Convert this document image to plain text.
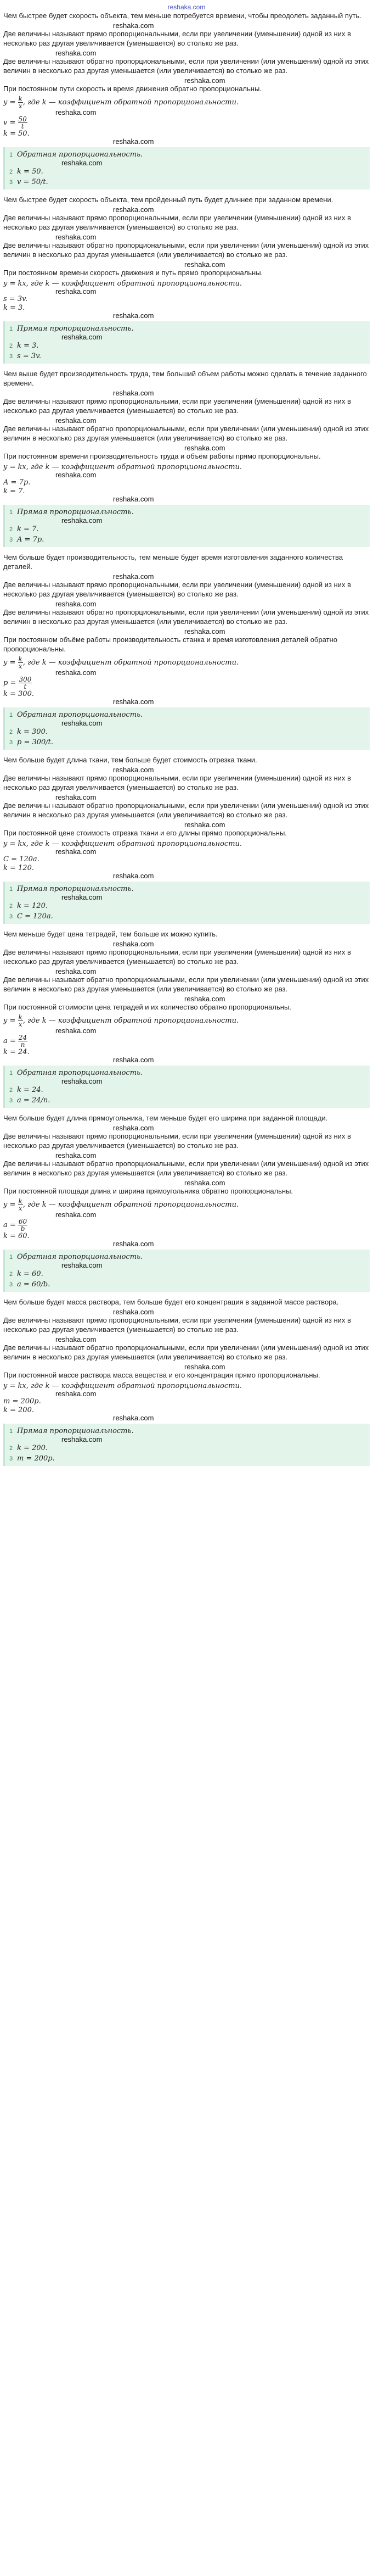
reshaka.com
Чем быстрее будет скорость объекта, тем меньше потребуется времени, чтобы преодолеть заданный путь.
reshaka.com
Две величины называют прямо пропорциональными, если при увеличении (уменьшении) одной из них в несколько раз другая увеличивается (уменьшается) во столько же раз.
reshaka.com
Две величины называют обратно пропорциональными, если при увеличении (или уменьшении) одной из этих величин в несколько раз другая уменьшается (или увеличивается) во столько же раз.
reshaka.com
При постоянном пути скорость и время движения обратно пропорциональны.
$y = \frac{k}{x}$ , где k — коэффициент обратной пропорциональности.
reshaka.com
$v = \frac{50}{t}$
k = 50.
reshaka.com
1 Обратная пропорциональность.
reshaka.com
2 k = 50.
3 v = 50/t.
Чем быстрее будет скорость объекта, тем пройденный путь будет длиннее при заданном времени.
reshaka.com
Две величины называют прямо пропорциональными, если при увеличении (уменьшении) одной из них в несколько раз другая увеличивается (уменьшается) во столько же раз.
reshaka.com
Две величины называют обратно пропорциональными, если при увеличении (или уменьшении) одной из этих величин в несколько раз другая уменьшается (или увеличивается) во столько же раз.
reshaka.com
При постоянном времени скорость движения и путь прямо пропорциональны.
y = kx, где k — коэффициент обратной пропорциональности.
reshaka.com
s = 3v.
k = 3.
reshaka.com
1 Прямая пропорциональность.
reshaka.com
2 k = 3.
3 s = 3v.
Чем выше будет производительность труда, тем больший объем работы можно сделать в течение заданного времени.
reshaka.com
Две величины называют прямо пропорциональными, если при увеличении (уменьшении) одной из них в несколько раз другая увеличивается (уменьшается) во столько же раз.
reshaka.com
Две величины называют обратно пропорциональными, если при увеличении (или уменьшении) одной из этих величин в несколько раз другая уменьшается (или увеличивается) во столько же раз.
reshaka.com
При постоянном времени производительность труда и объём работы прямо пропорциональны.
y = kx, где k — коэффициент обратной пропорциональности.
reshaka.com
A = 7p.
k = 7.
reshaka.com
1 Прямая пропорциональность.
reshaka.com
2 k = 7.
3 A = 7p.
Чем больше будет производительность, тем меньше будет время изготовления заданного количества деталей.
reshaka.com
Две величины называют прямо пропорциональными, если при увеличении (уменьшении) одной из них в несколько раз другая увеличивается (уменьшается) во столько же раз.
reshaka.com
Две величины называют обратно пропорциональными, если при увеличении (или уменьшении) одной из этих величин в несколько раз другая уменьшается (или увеличивается) во столько же раз.
reshaka.com
При постоянном объёме работы производительность станка и время изготовления деталей обратно пропорциональны.
$y = \frac{k}{x}$ , где k — коэффициент обратной пропорциональности.
reshaka.com
$p = \frac{300}{t}$
k = 300.
reshaka.com
1 Обратная пропорциональность.
reshaka.com
2 k = 300.
3 p = 300/t.
Чем больше будет длина ткани, тем больше будет стоимость отрезка ткани.
reshaka.com
Две величины называют прямо пропорциональными, если при увеличении (уменьшении) одной из них в несколько раз другая увеличивается (уменьшается) во столько же раз.
reshaka.com
Две величины называют обратно пропорциональными, если при увеличении (или уменьшении) одной из этих величин в несколько раз другая уменьшается (или увеличивается) во столько же раз.
reshaka.com
При постоянной цене стоимость отрезка ткани и его длины прямо пропорциональны.
y = kx, где k — коэффициент обратной пропорциональности.
reshaka.com
C = 120a.
k = 120.
reshaka.com
1 Прямая пропорциональность.
reshaka.com
2 k = 120.
3 C = 120a.
Чем меньше будет цена тетрадей, тем больше их можно купить.
reshaka.com
Две величины называют прямо пропорциональными, если при увеличении (уменьшении) одной из них в несколько раз другая увеличивается (уменьшается) во столько же раз.
reshaka.com
Две величины называют обратно пропорциональными, если при увеличении (или уменьшении) одной из этих величин в несколько раз другая уменьшается (или увеличивается) во столько же раз.
reshaka.com
При постоянной стоимости цена тетрадей и их количество обратно пропорциональны.
$y = \frac{k}{x}$ , где k — коэффициент обратной пропорциональности.
reshaka.com
$a = \frac{24}{n}$
k = 24.
reshaka.com
1 Обратная пропорциональность.
reshaka.com
2 k = 24.
3 a = 24/n.
Чем больше будет длина прямоугольника, тем меньше будет его ширина при заданной площади.
reshaka.com
Две величины называют прямо пропорциональными, если при увеличении (уменьшении) одной из них в несколько раз другая увеличивается (уменьшается) во столько же раз.
reshaka.com
Две величины называют обратно пропорциональными, если при увеличении (или уменьшении) одной из этих величин в несколько раз другая уменьшается (или увеличивается) во столько же раз.
reshaka.com
При постоянной площади длина и ширина прямоугольника обратно пропорциональны.
$y = \frac{k}{x}$ , где k — коэффициент обратной пропорциональности.
reshaka.com
$a = \frac{60}{b}$
k = 60.
reshaka.com
1 Обратная пропорциональность.
reshaka.com
2 k = 60.
3 a = 60/b.
Чем больше будет масса раствора, тем больше будет его концентрация в заданной массе раствора.
reshaka.com
Две величины называют прямо пропорциональными, если при увеличении (уменьшении) одной из них в несколько раз другая увеличивается (уменьшается) во столько же раз.
reshaka.com
Две величины называют обратно пропорциональными, если при увеличении (или уменьшении) одной из этих величин в несколько раз другая уменьшается (или увеличивается) во столько же раз.
reshaka.com
При постоянной массе раствора масса вещества и его концентрация прямо пропорциональны.
y = kx, где k — коэффициент обратной пропорциональности.
reshaka.com
m = 200p.
k = 200.
reshaka.com
1 Прямая пропорциональность.
reshaka.com
2 k = 200.
3 m = 200p.
